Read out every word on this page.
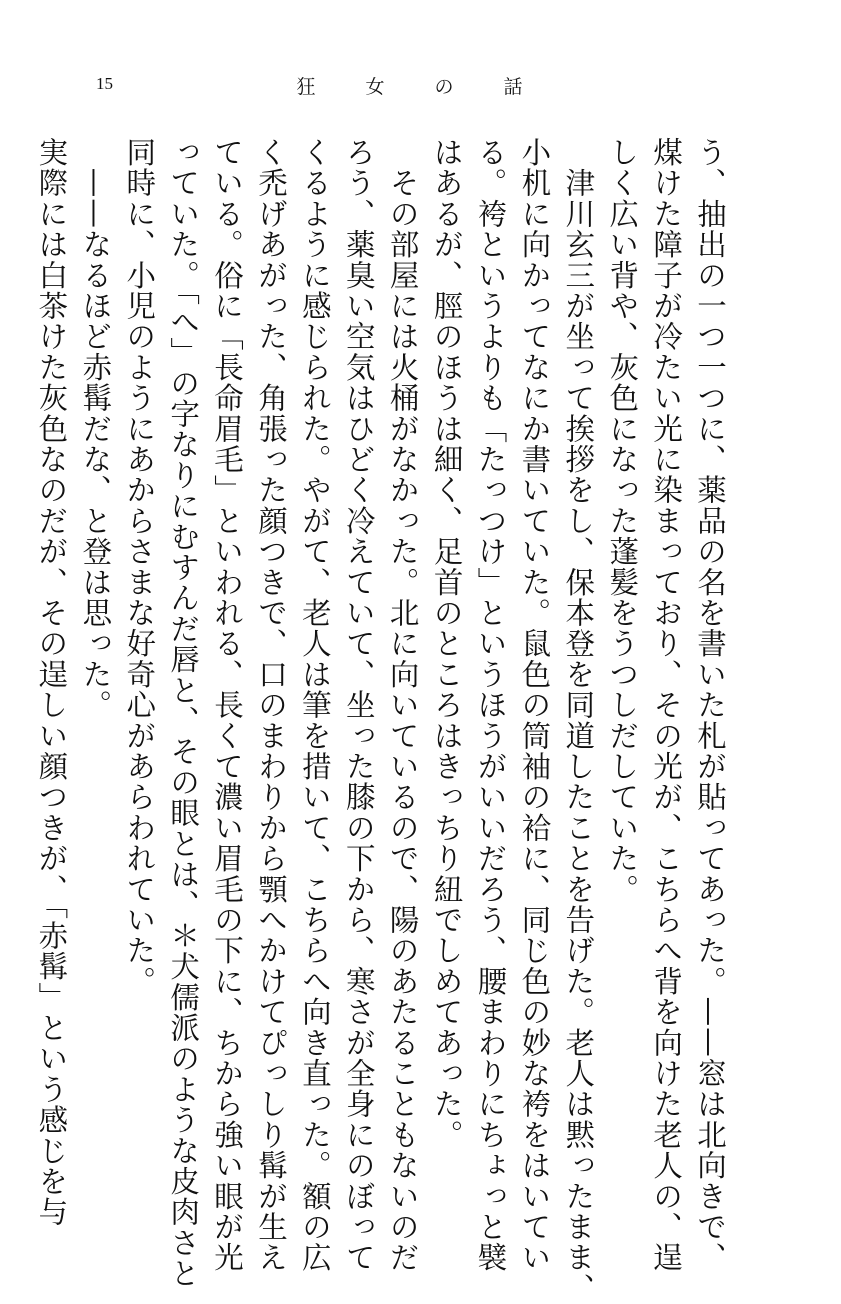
15	狂 女 の 話
う、抽出の一つ一つに、薬品の名を書いた札が貼ってあった。——窓は北向きで、
煤けた障子が冷たい光に染まっており、その光が、こちらへ背を向けた老人の、逞
しく広い背や、灰色になった蓬髪をうつしだしていた。
　津川玄三が坐って挨拶をし、保本登を同道したことを告げた。老人は黙ったまま、
小机に向かってなにか書いていた。鼠色の筒袖の袷に、同じ色の妙な袴をはいてい
る。袴というよりも「たっつけ」というほうがいいだろう、腰まわりにちょっと襞
はあるが、脛のほうは細く、足首のところはきっちり紐でしめてあった。
　その部屋には火桶がなかった。北に向いているので、陽のあたることもないのだ
ろう、薬臭い空気はひどく冷えていて、坐った膝の下から、寒さが全身にのぼって
くるように感じられた。やがて、老人は筆を措いて、こちらへ向き直った。額の広
く禿げあがった、角張った顔つきで、口のまわりから顎へかけてぴっしり髯が生え
ている。俗に「長命眉毛」といわれる、長くて濃い眉毛の下に、ちから強い眼が光
っていた。「へ」の字なりにむすんだ唇と、その眼とは、＊犬儒派のような皮肉さと
同時に、小児のようにあからさまな好奇心があらわれていた。
　——なるほど赤髯だな、と登は思った。
実際には白茶けた灰色なのだが、その逞しい顔つきが、「赤髯」という感じを与
